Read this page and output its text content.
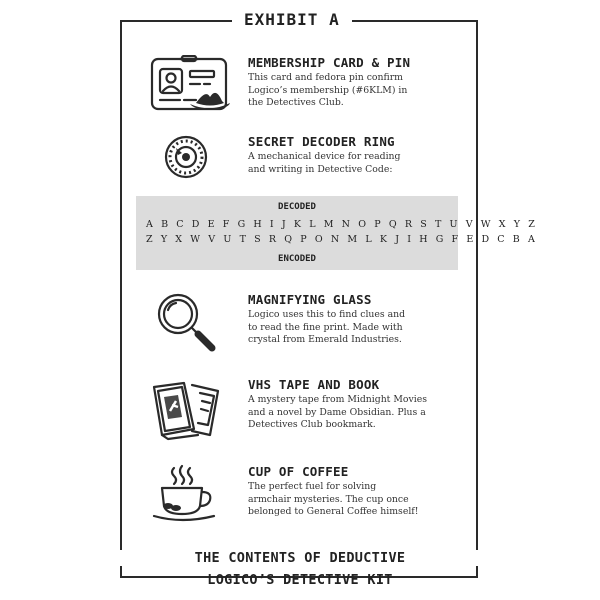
EXHIBIT A
MEMBERSHIP CARD & PIN

This card and fedora pin confirm
Logico’s membership (#6KLM) in
the Detectives Club.

SECRET DECODER RING

A mechanical device for reading
and writing in Detective Code:

DECODED
A B C D E F G H I J K L M N O P Q R S T U V W X Y Z
Z Y X W V U T S R Q P O N M L K J I H G F E D C B A
ENCODED
MAGNIFYING GLASS

Logico uses this to find clues and
to read the fine print. Made with
crystal from Emerald Industries.

VHS TAPE AND BOOK

A mystery tape from Midnight Movies
and a novel by Dame Obsidian. Plus a
Detectives Club bookmark.

CUP OF COFFEE

The perfect fuel for solving
armchair mysteries. The cup once
belonged to General Coffee himself!

THE CONTENTS OF DEDUCTIVE
LOGICO’S DETECTIVE KIT
